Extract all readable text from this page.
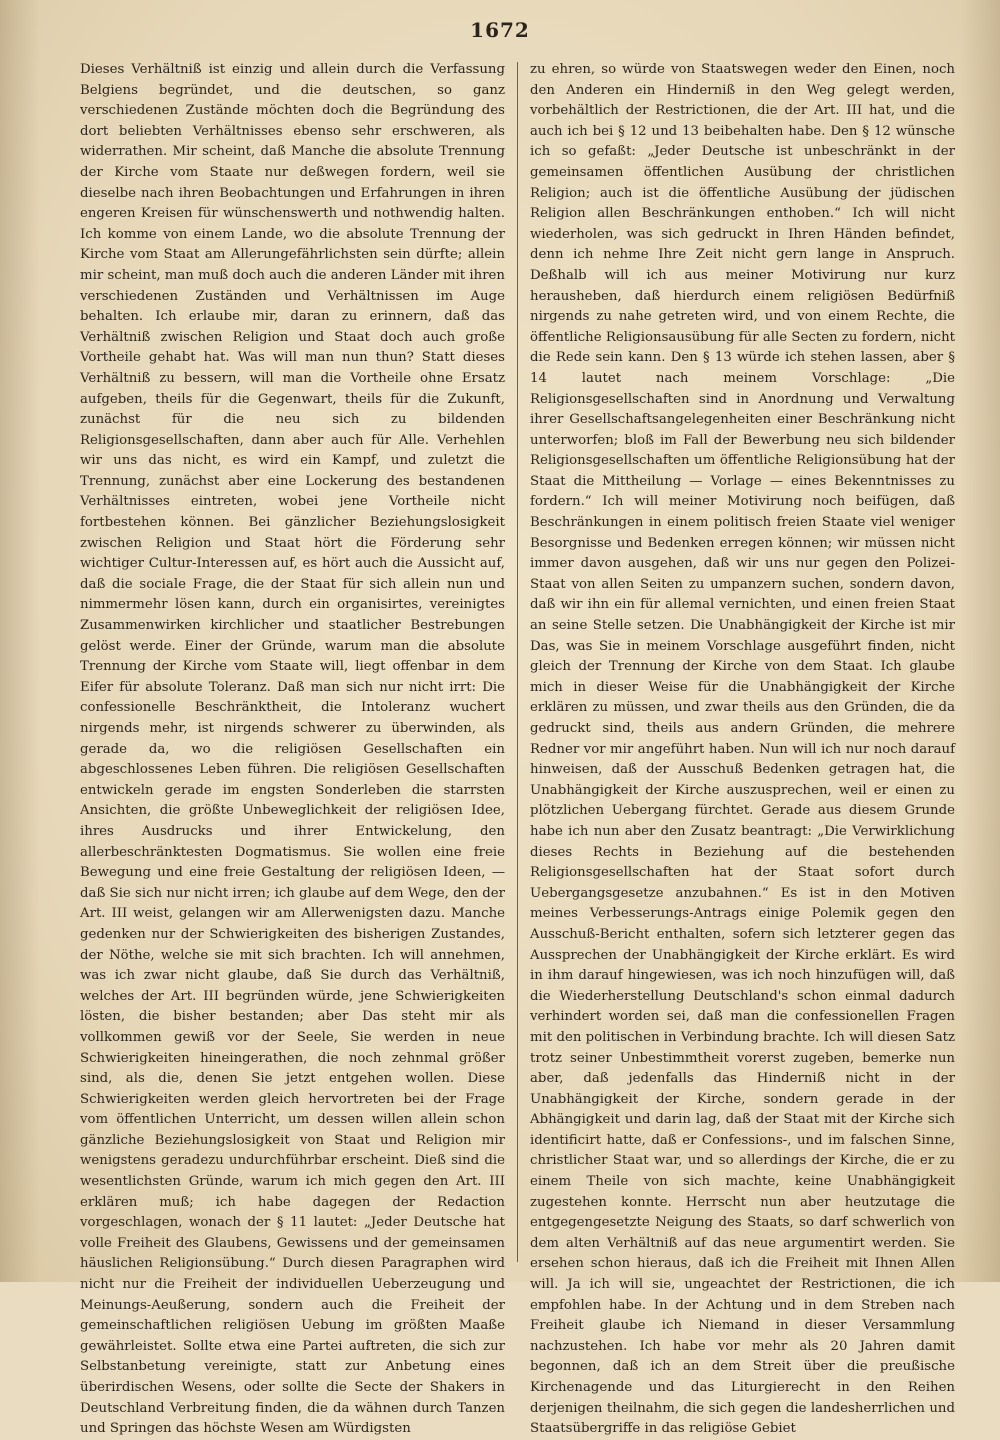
1672

Dieses Verhältniß ist einzig und allein durch die Verfassung Belgiens begründet, und die deutschen, so ganz verschiedenen Zustände möchten doch die Begründung des dort beliebten Verhältnisses ebenso sehr erschweren, als widerrathen. Mir scheint, daß Manche die absolute Trennung der Kirche vom Staate nur deßwegen fordern, weil sie dieselbe nach ihren Beobachtungen und Erfahrungen in ihren engeren Kreisen für wünschenswerth und nothwendig halten. Ich komme von einem Lande, wo die absolute Trennung der Kirche vom Staat am Allerungefährlichsten sein dürfte; allein mir scheint, man muß doch auch die anderen Länder mit ihren verschiedenen Zuständen und Verhältnissen im Auge behalten. Ich erlaube mir, daran zu erinnern, daß das Verhältniß zwischen Religion und Staat doch auch große Vortheile gehabt hat. Was will man nun thun? Statt dieses Verhältniß zu bessern, will man die Vortheile ohne Ersatz aufgeben, theils für die Gegenwart, theils für die Zukunft, zunächst für die neu sich zu bildenden Religionsgesellschaften, dann aber auch für Alle. Verhehlen wir uns das nicht, es wird ein Kampf, und zuletzt die Trennung, zunächst aber eine Lockerung des bestandenen Verhältnisses eintreten, wobei jene Vortheile nicht fortbestehen können. Bei gänzlicher Beziehungslosigkeit zwischen Religion und Staat hört die Förderung sehr wichtiger Cultur-Interessen auf, es hört auch die Aussicht auf, daß die sociale Frage, die der Staat für sich allein nun und nimmermehr lösen kann, durch ein organisirtes, vereinigtes Zusammenwirken kirchlicher und staatlicher Bestrebungen gelöst werde. Einer der Gründe, warum man die absolute Trennung der Kirche vom Staate will, liegt offenbar in dem Eifer für absolute Toleranz. Daß man sich nur nicht irrt: Die confessionelle Beschränktheit, die Intoleranz wuchert nirgends mehr, ist nirgends schwerer zu überwinden, als gerade da, wo die religiösen Gesellschaften ein abgeschlossenes Leben führen. Die religiösen Gesellschaften entwickeln gerade im engsten Sonderleben die starrsten Ansichten, die größte Unbeweglichkeit der religiösen Idee, ihres Ausdrucks und ihrer Entwickelung, den allerbeschränktesten Dogmatismus. Sie wollen eine freie Bewegung und eine freie Gestaltung der religiösen Ideen, — daß Sie sich nur nicht irren; ich glaube auf dem Wege, den der Art. III weist, gelangen wir am Allerwenigsten dazu. Manche gedenken nur der Schwierigkeiten des bisherigen Zustandes, der Nöthe, welche sie mit sich brachten. Ich will annehmen, was ich zwar nicht glaube, daß Sie durch das Verhältniß, welches der Art. III begründen würde, jene Schwierigkeiten lösten, die bisher bestanden; aber Das steht mir als vollkommen gewiß vor der Seele, Sie werden in neue Schwierigkeiten hineingerathen, die noch zehnmal größer sind, als die, denen Sie jetzt entgehen wollen. Diese Schwierigkeiten werden gleich hervortreten bei der Frage vom öffentlichen Unterricht, um dessen willen allein schon gänzliche Beziehungslosigkeit von Staat und Religion mir wenigstens geradezu undurchführbar erscheint. Dieß sind die wesentlichsten Gründe, warum ich mich gegen den Art. III erklären muß; ich habe dagegen der Redaction vorgeschlagen, wonach der § 11 lautet: „Jeder Deutsche hat volle Freiheit des Glaubens, Gewissens und der gemeinsamen häuslichen Religionsübung.“ Durch diesen Paragraphen wird nicht nur die Freiheit der individuellen Ueberzeugung und Meinungs-Aeußerung, sondern auch die Freiheit der gemeinschaftlichen religiösen Uebung im größten Maaße gewährleistet. Sollte etwa eine Partei auftreten, die sich zur Selbstanbetung vereinigte, statt zur Anbetung eines überirdischen Wesens, oder sollte die Secte der Shakers in Deutschland Verbreitung finden, die da wähnen durch Tanzen und Springen das höchste Wesen am Würdigsten

zu ehren, so würde von Staatswegen weder den Einen, noch den Anderen ein Hinderniß in den Weg gelegt werden, vorbehältlich der Restrictionen, die der Art. III hat, und die auch ich bei § 12 und 13 beibehalten habe. Den § 12 wünsche ich so gefaßt: „Jeder Deutsche ist unbeschränkt in der gemeinsamen öffentlichen Ausübung der christlichen Religion; auch ist die öffentliche Ausübung der jüdischen Religion allen Beschränkungen enthoben.“ Ich will nicht wiederholen, was sich gedruckt in Ihren Händen befindet, denn ich nehme Ihre Zeit nicht gern lange in Anspruch. Deßhalb will ich aus meiner Motivirung nur kurz herausheben, daß hierdurch einem religiösen Bedürfniß nirgends zu nahe getreten wird, und von einem Rechte, die öffentliche Religionsausübung für alle Secten zu fordern, nicht die Rede sein kann. Den § 13 würde ich stehen lassen, aber § 14 lautet nach meinem Vorschlage: „Die Religionsgesellschaften sind in Anordnung und Verwaltung ihrer Gesellschaftsangelegenheiten einer Beschränkung nicht unterworfen; bloß im Fall der Bewerbung neu sich bildender Religionsgesellschaften um öffentliche Religionsübung hat der Staat die Mittheilung — Vorlage — eines Bekenntnisses zu fordern.“ Ich will meiner Motivirung noch beifügen, daß Beschränkungen in einem politisch freien Staate viel weniger Besorgnisse und Bedenken erregen können; wir müssen nicht immer davon ausgehen, daß wir uns nur gegen den Polizei-Staat von allen Seiten zu umpanzern suchen, sondern davon, daß wir ihn ein für allemal vernichten, und einen freien Staat an seine Stelle setzen. Die Unabhängigkeit der Kirche ist mir Das, was Sie in meinem Vorschlage ausgeführt finden, nicht gleich der Trennung der Kirche von dem Staat. Ich glaube mich in dieser Weise für die Unabhängigkeit der Kirche erklären zu müssen, und zwar theils aus den Gründen, die da gedruckt sind, theils aus andern Gründen, die mehrere Redner vor mir angeführt haben. Nun will ich nur noch darauf hinweisen, daß der Ausschuß Bedenken getragen hat, die Unabhängigkeit der Kirche auszusprechen, weil er einen zu plötzlichen Uebergang fürchtet. Gerade aus diesem Grunde habe ich nun aber den Zusatz beantragt: „Die Verwirklichung dieses Rechts in Beziehung auf die bestehenden Religionsgesellschaften hat der Staat sofort durch Uebergangsgesetze anzubahnen.“ Es ist in den Motiven meines Verbesserungs-Antrags einige Polemik gegen den Ausschuß-Bericht enthalten, sofern sich letzterer gegen das Aussprechen der Unabhängigkeit der Kirche erklärt. Es wird in ihm darauf hingewiesen, was ich noch hinzufügen will, daß die Wiederherstellung Deutschland's schon einmal dadurch verhindert worden sei, daß man die confessionellen Fragen mit den politischen in Verbindung brachte. Ich will diesen Satz trotz seiner Unbestimmtheit vorerst zugeben, bemerke nun aber, daß jedenfalls das Hinderniß nicht in der Unabhängigkeit der Kirche, sondern gerade in der Abhängigkeit und darin lag, daß der Staat mit der Kirche sich identificirt hatte, daß er Confessions-, und im falschen Sinne, christlicher Staat war, und so allerdings der Kirche, die er zu einem Theile von sich machte, keine Unabhängigkeit zugestehen konnte. Herrscht nun aber heutzutage die entgegengesetzte Neigung des Staats, so darf schwerlich von dem alten Verhältniß auf das neue argumentirt werden. Sie ersehen schon hieraus, daß ich die Freiheit mit Ihnen Allen will. Ja ich will sie, ungeachtet der Restrictionen, die ich empfohlen habe. In der Achtung und in dem Streben nach Freiheit glaube ich Niemand in dieser Versammlung nachzustehen. Ich habe vor mehr als 20 Jahren damit begonnen, daß ich an dem Streit über die preußische Kirchenagende und das Liturgierecht in den Reihen derjenigen theilnahm, die sich gegen die landesherrlichen und Staatsübergriffe in das religiöse Gebiet
